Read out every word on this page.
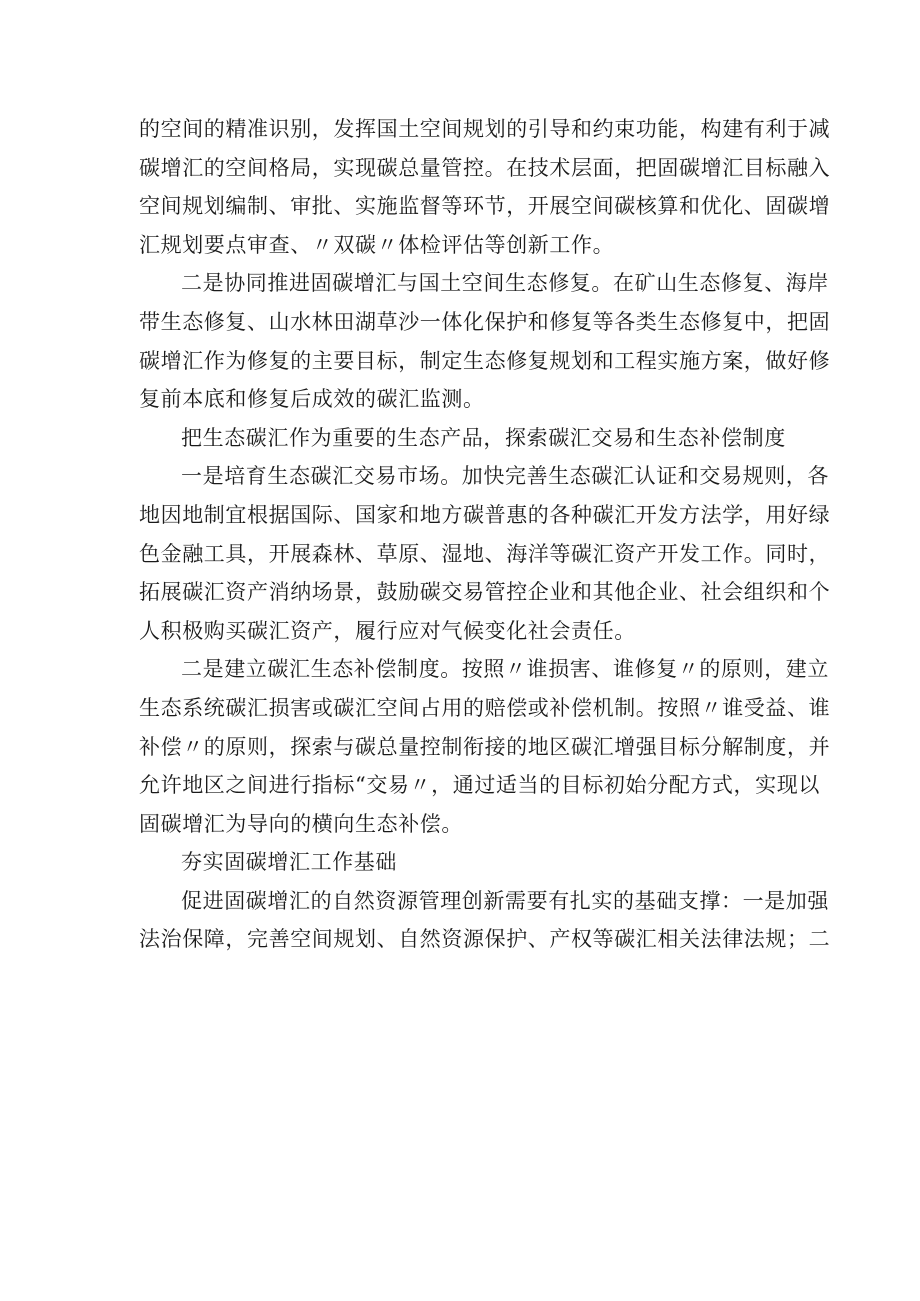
的空间的精准识别，发挥国土空间规划的引导和约束功能，构建有利于减
碳增汇的空间格局，实现碳总量管控。在技术层面，把固碳增汇目标融入
空间规划编制、审批、实施监督等环节，开展空间碳核算和优化、固碳增
汇规划要点审查、〃双碳〃体检评估等创新工作。
二是协同推进固碳增汇与国土空间生态修复。在矿山生态修复、海岸
带生态修复、山水林田湖草沙一体化保护和修复等各类生态修复中，把固
碳增汇作为修复的主要目标，制定生态修复规划和工程实施方案，做好修
复前本底和修复后成效的碳汇监测。
把生态碳汇作为重要的生态产品，探索碳汇交易和生态补偿制度
一是培育生态碳汇交易市场。加快完善生态碳汇认证和交易规则，各
地因地制宜根据国际、国家和地方碳普惠的各种碳汇开发方法学，用好绿
色金融工具，开展森林、草原、湿地、海洋等碳汇资产开发工作。同时，
拓展碳汇资产消纳场景，鼓励碳交易管控企业和其他企业、社会组织和个
人积极购买碳汇资产，履行应对气候变化社会责任。
二是建立碳汇生态补偿制度。按照〃谁损害、谁修复〃的原则，建立
生态系统碳汇损害或碳汇空间占用的赔偿或补偿机制。按照〃谁受益、谁
补偿〃的原则，探索与碳总量控制衔接的地区碳汇增强目标分解制度，并
允许地区之间进行指标“交易〃，通过适当的目标初始分配方式，实现以
固碳增汇为导向的横向生态补偿。
夯实固碳增汇工作基础
促进固碳增汇的自然资源管理创新需要有扎实的基础支撑：一是加强
法治保障，完善空间规划、自然资源保护、产权等碳汇相关法律法规；二
